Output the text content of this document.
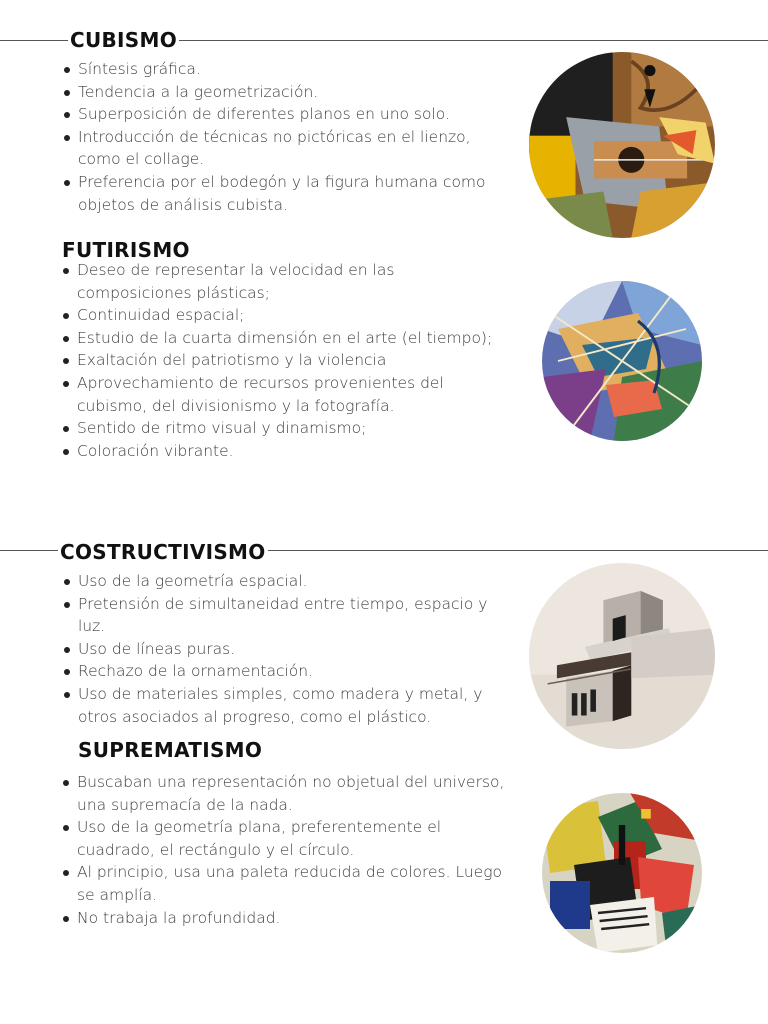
CUBISMO
Síntesis gráfica.
Tendencia a la geometrización.
Superposición de diferentes planos en uno solo.
Introducción de técnicas no pictóricas en el lienzo, como el collage.
Preferencia por el bodegón y la figura humana como objetos de análisis cubista.
FUTIRISMO
Deseo de representar la velocidad en las composiciones plásticas;
Continuidad espacial;
Estudio de la cuarta dimensión en el arte (el tiempo);
Exaltación del patriotismo y la violencia
Aprovechamiento de recursos provenientes del cubismo, del divisionismo y la fotografía.
Sentido de ritmo visual y dinamismo;
Coloración vibrante.
COSTRUCTIVISMO
Uso de la geometría espacial.
Pretensión de simultaneidad entre tiempo, espacio y luz.
Uso de líneas puras.
Rechazo de la ornamentación.
Uso de materiales simples, como madera y metal, y otros asociados al progreso, como el plástico.
SUPREMATISMO
Buscaban una representación no objetual del universo, una supremacía de la nada.
Uso de la geometría plana, preferentemente el cuadrado, el rectángulo y el círculo.
Al principio, usa una paleta reducida de colores. Luego se amplía.
No trabaja la profundidad.
